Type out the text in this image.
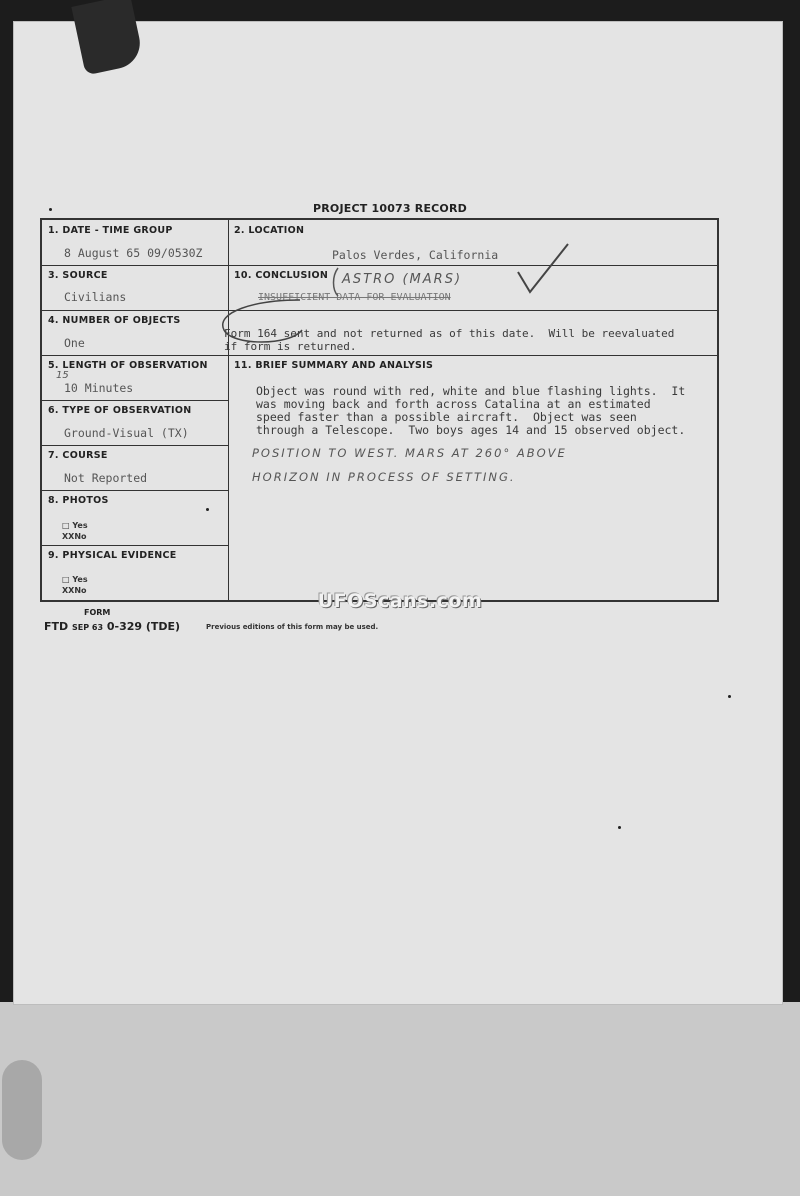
PROJECT 10073 RECORD
1. DATE - TIME GROUP
8 August 65 09/0530Z
2. LOCATION
Palos Verdes, California
3. SOURCE
Civilians
10. CONCLUSION ASTRO (MARS)
INSUFFICIENT DATA FOR EVALUATION
Form 164 sent and not returned as of this date.  Will be reevaluated
if form is returned.
4. NUMBER OF OBJECTS
One
5. LENGTH OF OBSERVATION
15
10 Minutes
11. BRIEF SUMMARY AND ANALYSIS
Object was round with red, white and blue flashing lights.  It
was moving back and forth across Catalina at an estimated
speed faster than a possible aircraft.  Object was seen
through a Telescope.  Two boys ages 14 and 15 observed object.
POSITION TO WEST. MARS AT 260° ABOVE
HORIZON IN PROCESS OF SETTING.
6. TYPE OF OBSERVATION
Ground-Visual (TX)
7. COURSE
Not Reported
8. PHOTOS
□ Yes
XXNo
9. PHYSICAL EVIDENCE
□ Yes
XXNo
FORM
FTD SEP 63 0-329 (TDE)	Previous editions of this form may be used.
UFOScans.com
